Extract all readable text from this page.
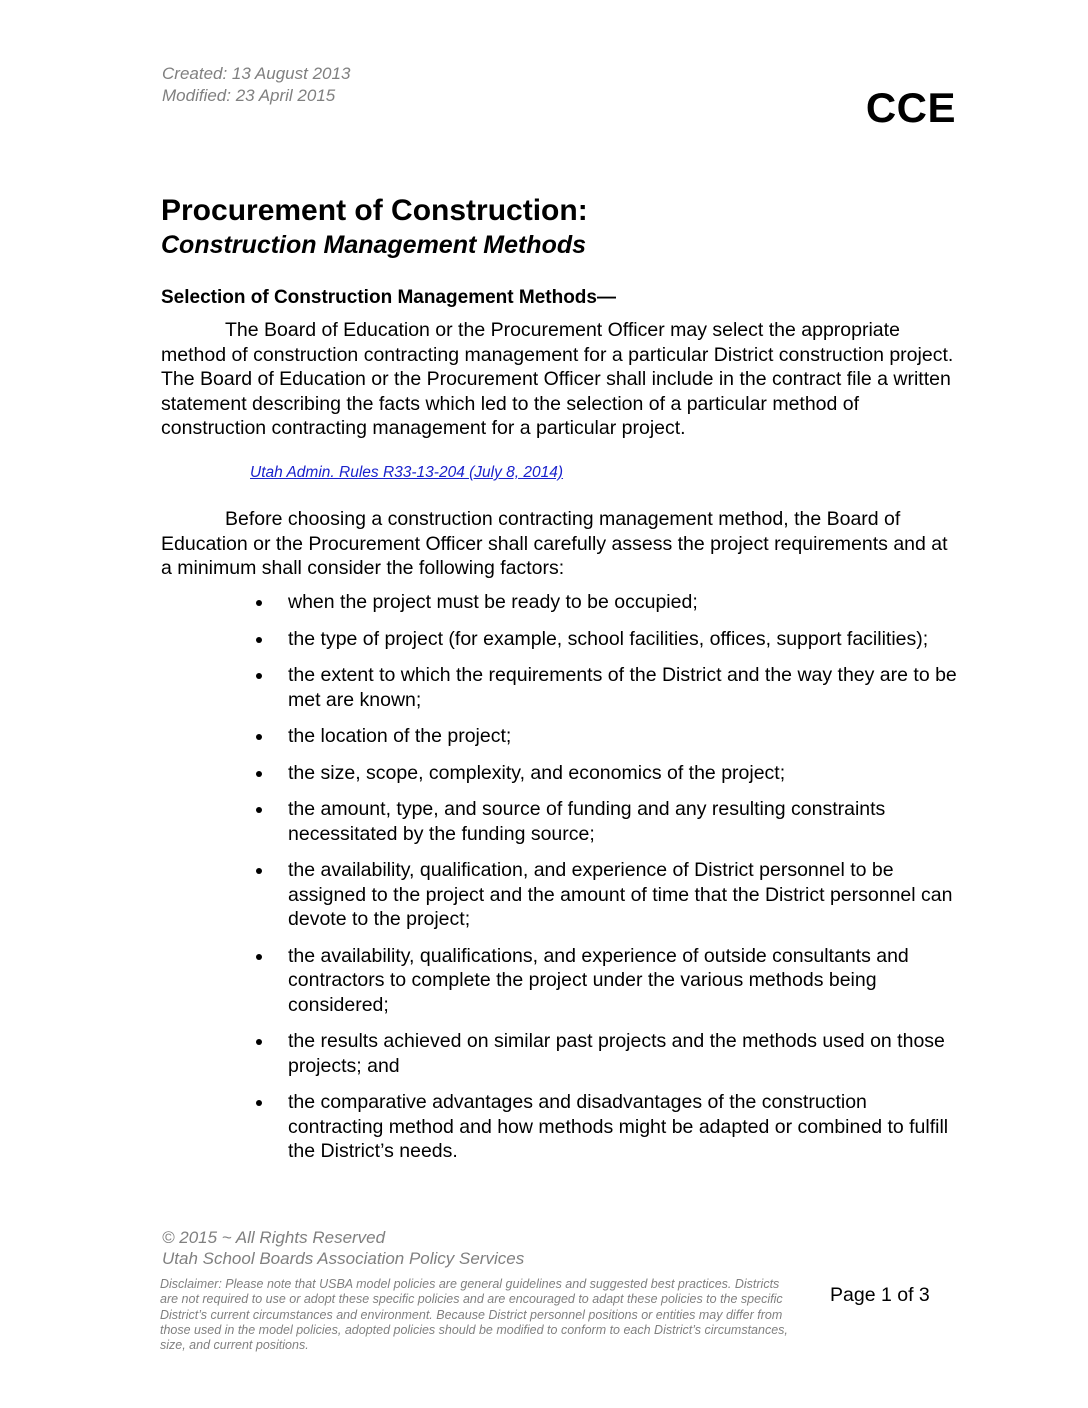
Created: 13 August 2013
Modified: 23 April 2015	CCE
Procurement of Construction:
Construction Management Methods
Selection of Construction Management Methods—

The Board of Education or the Procurement Officer may select the appropriate method of construction contracting management for a particular District construction project. The Board of Education or the Procurement Officer shall include in the contract file a written statement describing the facts which led to the selection of a particular method of construction contracting management for a particular project.

Utah Admin. Rules R33-13-204 (July 8, 2014)

Before choosing a construction contracting management method, the Board of Education or the Procurement Officer shall carefully assess the project requirements and at a minimum shall consider the following factors:

when the project must be ready to be occupied;
the type of project (for example, school facilities, offices, support facilities);
the extent to which the requirements of the District and the way they are to be met are known;
the location of the project;
the size, scope, complexity, and economics of the project;
the amount, type, and source of funding and any resulting constraints necessitated by the funding source;
the availability, qualification, and experience of District personnel to be assigned to the project and the amount of time that the District personnel can devote to the project;
the availability, qualifications, and experience of outside consultants and contractors to complete the project under the various methods being considered;
the results achieved on similar past projects and the methods used on those projects; and
the comparative advantages and disadvantages of the construction contracting method and how methods might be adapted or combined to fulfill the District’s needs.
© 2015 ~ All Rights Reserved
Utah School Boards Association Policy Services
Disclaimer: Please note that USBA model policies are general guidelines and suggested best practices. Districts are not required to use or adopt these specific policies and are encouraged to adapt these policies to the specific District’s current circumstances and environment. Because District personnel positions or entities may differ from those used in the model policies, adopted policies should be modified to conform to each District’s circumstances, size, and current positions.
Page 1 of 3
